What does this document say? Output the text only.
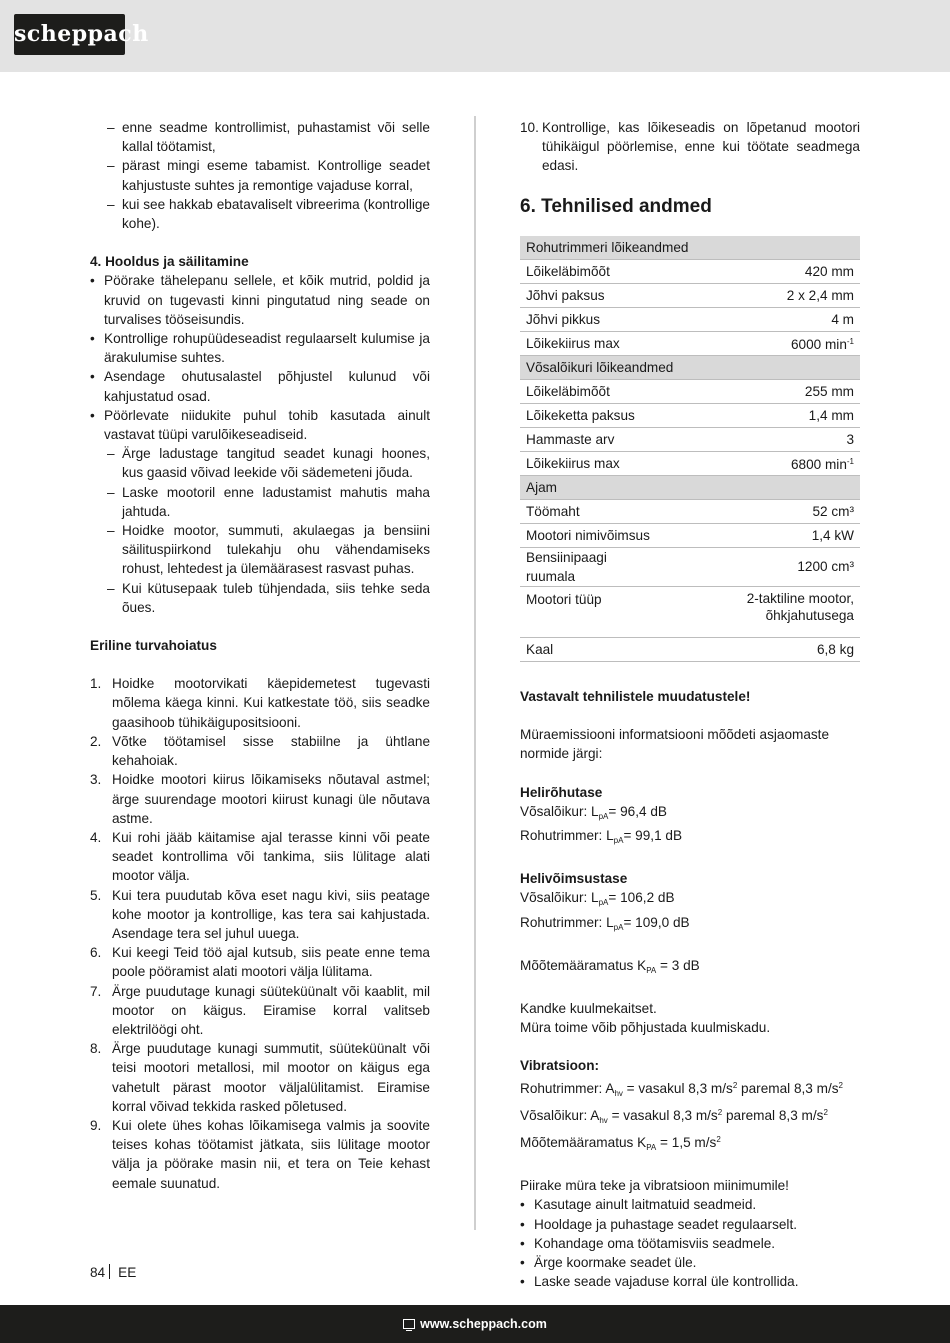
scheppach

– enne seadme kontrollimist, puhastamist või selle kallal töötamist,

– pärast mingi eseme tabamist. Kontrollige seadet kahjustuste suhtes ja remontige vajaduse korral,

– kui see hakkab ebatavaliselt vibreerima (kontrollige kohe).

4. Hooldus ja säilitamine

• Pöörake tähelepanu sellele, et kõik mutrid, poldid ja kruvid on tugevasti kinni pingutatud ning seade on turvalises tööseisundis.

• Kontrollige rohupüüdeseadist regulaarselt kulumise ja ärakulumise suhtes.

• Asendage ohutusalastel põhjustel kulunud või kahjustatud osad.

• Pöörlevate niidukite puhul tohib kasutada ainult vastavat tüüpi varulõikeseadiseid.

– Ärge ladustage tangitud seadet kunagi hoones, kus gaasid võivad leekide või sädemeteni jõuda.

– Laske mootoril enne ladustamist mahutis maha jahtuda.

– Hoidke mootor, summuti, akulaegas ja bensiini säilituspiirkond tulekahju ohu vähendamiseks rohust, lehtedest ja ülemäärasest rasvast puhas.

– Kui kütusepaak tuleb tühjendada, siis tehke seda õues.

Eriline turvahoiatus

1. Hoidke mootorvikati käepidemetest tugevasti mõlema käega kinni. Kui katkestate töö, siis seadke gaasihoob tühikäigupositsiooni.
2. Võtke töötamisel sisse stabiilne ja ühtlane kehahoiak.
3. Hoidke mootori kiirus lõikamiseks nõutaval astmel; ärge suurendage mootori kiirust kunagi üle nõutava astme.
4. Kui rohi jääb käitamise ajal terasse kinni või peate seadet kontrollima või tankima, siis lülitage alati mootor välja.
5. Kui tera puudutab kõva eset nagu kivi, siis peatage kohe mootor ja kontrollige, kas tera sai kahjustada. Asendage tera sel juhul uuega.
6. Kui keegi Teid töö ajal kutsub, siis peate enne tema poole pööramist alati mootori välja lülitama.
7. Ärge puudutage kunagi süüteküünalt või kaablit, mil mootor on käigus. Eiramise korral valitseb elektrilöögi oht.
8. Ärge puudutage kunagi summutit, süüteküünalt või teisi mootori metallosi, mil mootor on käigus ega vahetult pärast mootor väljalülitamist. Eiramise korral võivad tekkida rasked põletused.
9. Kui olete ühes kohas lõikamisega valmis ja soovite teises kohas töötamist jätkata, siis lülitage mootor välja ja pöörake masin nii, et tera on Teie kehast eemale suunatud.
10. Kontrollige, kas lõikeseadis on lõpetanud mootori tühikäigul pöörlemise, enne kui töötate seadmega edasi.
6. Tehnilised andmed
Rohutrimmeri lõikeandmed	
Lõikeläbimõõt	420 mm
Jõhvi paksus	2 x 2,4 mm
Jõhvi pikkus	4 m
Lõikekiirus max	6000 $\min^{-1}$
Võsalõikuri lõikeandmed	
Lõikeläbimõõt	255 mm
Lõikeketta paksus	1,4 mm
Hammaste arv	3
Lõikekiirus max	6800 $\min^{-1}$
Ajam	
Töömaht	52 cm³
Mootori nimivõimsus	1,4 kW
Bensiinipaagi ruumala	1200 cm³
Mootori tüüp	2-taktiline mootor, õhkjahutusega
Kaal	6,8 kg

Vastavalt tehnilistele muudatustele!

Müraemissiooni informatsiooni mõõdeti asjaomaste normide järgi:

Helirõhutase

Võsalõikur: $L_{pA}= 96,4$ dB

Rohutrimmer: $L_{pA}= 99,1$ dB

Helivõimsustase

Võsalõikur: $L_{pA}= 106,2$ dB

Rohutrimmer: $L_{pA}= 109,0$ dB

Mõõtemääramatus $K_{PA} = 3$ dB

Kandke kuulmekaitset.

Müra toime võib põhjustada kuulmiskadu.

Vibratsioon:

Rohutrimmer: $A_{hv}$ = vasakul 8,3 $m/s^2$ paremal 8,3 $m/s^2$

Võsalõikur: $A_{hv}$ = vasakul 8,3 $m/s^2$ paremal 8,3 $m/s^2$

Mõõtemääramatus $K_{PA} = 1,5$ $m/s^2$

Piirake müra teke ja vibratsioon miinimumile!

• Kasutage ainult laitmatuid seadmeid.

• Hooldage ja puhastage seadet regulaarselt.

• Kohandage oma töötamisviis seadmele.

• Ärge koormake seadet üle.

• Laske seade vajaduse korral üle kontrollida.

84 EE
www.scheppach.com
